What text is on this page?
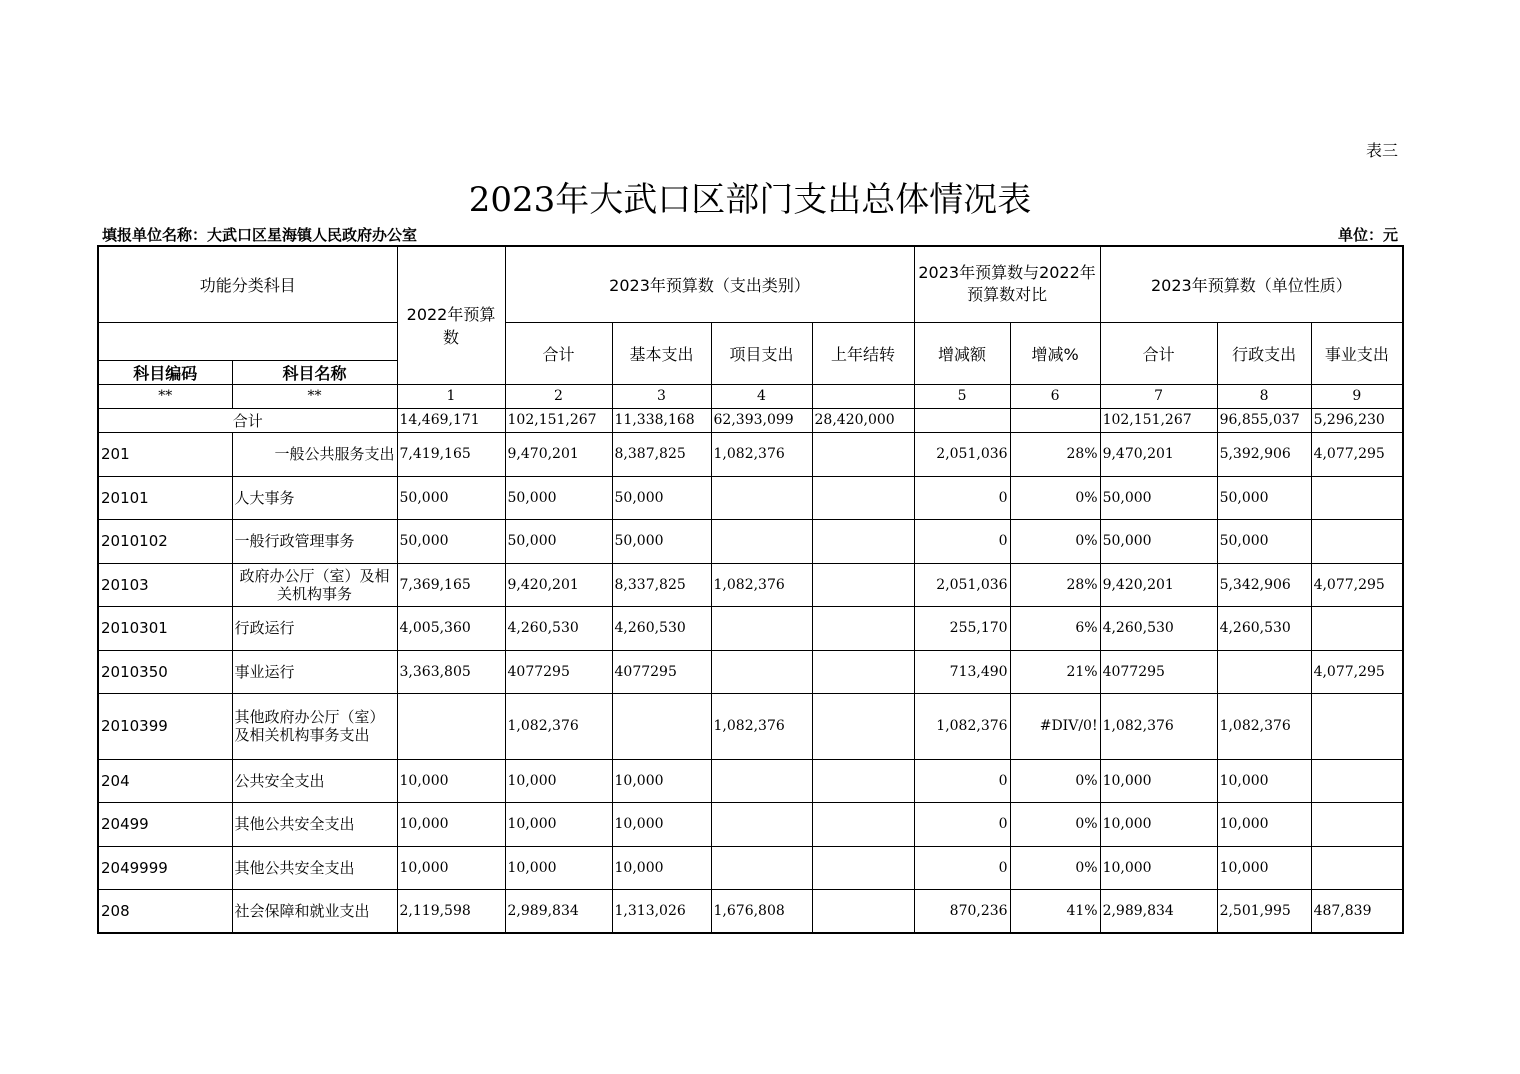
表三
2023年大武口区部门支出总体情况表
填报单位名称：大武口区星海镇人民政府办公室	单位：元
功能分类科目		2022年预算数	2023年预算数（支出类别）				2023年预算数与2022年预算数对比		2023年预算数（单位性质）		
			合计	基本支出	项目支出	上年结转	增减额	增减%	合计	行政支出	事业支出
科目编码	科目名称										
**	**	1	2	3	4		5	6	7	8	9
合计		14,469,171	102,151,267	11,338,168	62,393,099	28,420,000			102,151,267	96,855,037	5,296,230
201	一般公共服务支出	7,419,165	9,470,201	8,387,825	1,082,376		2,051,036	28%	9,470,201	5,392,906	4,077,295
20101	人大事务	50,000	50,000	50,000			0	0%	50,000	50,000	
2010102	一般行政管理事务	50,000	50,000	50,000			0	0%	50,000	50,000	
20103	政府办公厅（室）及相关机构事务	7,369,165	9,420,201	8,337,825	1,082,376		2,051,036	28%	9,420,201	5,342,906	4,077,295
2010301	行政运行	4,005,360	4,260,530	4,260,530			255,170	6%	4,260,530	4,260,530	
2010350	事业运行	3,363,805	4077295	4077295			713,490	21%	4077295		4,077,295
2010399	其他政府办公厅（室）及相关机构事务支出		1,082,376		1,082,376		1,082,376	#DIV/0!	1,082,376	1,082,376	
204	公共安全支出	10,000	10,000	10,000			0	0%	10,000	10,000	
20499	其他公共安全支出	10,000	10,000	10,000			0	0%	10,000	10,000	
2049999	其他公共安全支出	10,000	10,000	10,000			0	0%	10,000	10,000	
208	社会保障和就业支出	2,119,598	2,989,834	1,313,026	1,676,808		870,236	41%	2,989,834	2,501,995	487,839
